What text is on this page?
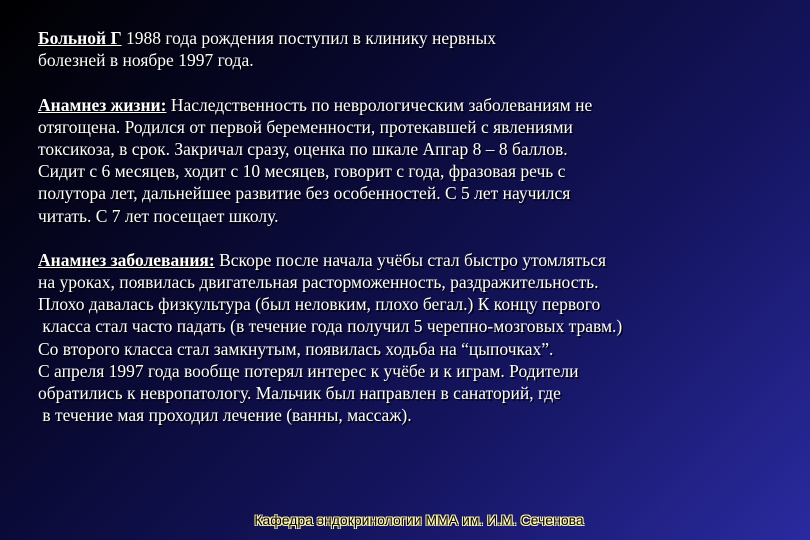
Больной Г 1988 года рождения поступил в клинику нервных
болезней в ноябре 1997 года.
Анамнез жизни: Наследственность по неврологическим заболеваниям не
отягощена. Родился от первой беременности, протекавшей с явлениями
токсикоза, в срок. Закричал сразу, оценка по шкале Апгар 8 – 8 баллов.
Сидит с 6 месяцев, ходит с 10 месяцев, говорит с года, фразовая речь с
полутора лет, дальнейшее развитие без особенностей. С 5 лет научился
читать. С 7 лет посещает школу.
Анамнез заболевания: Вскоре после начала учёбы стал быстро утомляться
на уроках, появилась двигательная расторможенность, раздражительность.
Плохо давалась физкультура (был неловким, плохо бегал.) К концу первого
класса стал часто падать (в течение года получил 5 черепно-мозговых травм.)
Со второго класса стал замкнутым, появилась ходьба на “цыпочках”.
С апреля 1997 года вообще потерял интерес к учёбе и к играм. Родители
обратились к невропатологу. Мальчик был направлен в санаторий, где
в течение мая проходил лечение (ванны, массаж).
Кафедра эндокринологии ММА им. И.М. Сеченова
